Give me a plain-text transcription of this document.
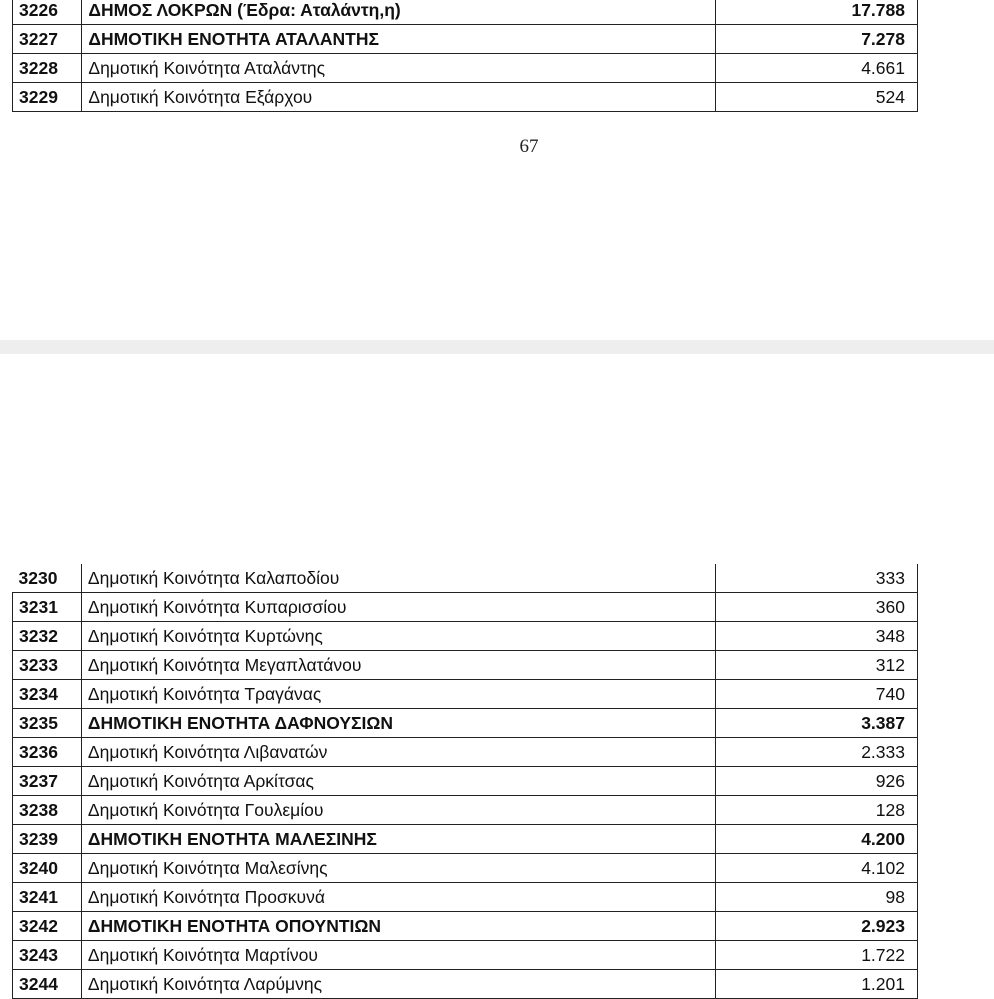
3226	ΔΗΜΟΣ ΛΟΚΡΩΝ (Έδρα: Αταλάντη,η)	17.788
3227	ΔΗΜΟΤΙΚΗ ΕΝΟΤΗΤΑ ΑΤΑΛΑΝΤΗΣ	7.278
3228	Δημοτική Κοινότητα Αταλάντης	4.661
3229	Δημοτική Κοινότητα Εξάρχου	524
67
3230	Δημοτική Κοινότητα Καλαποδίου	333
3231	Δημοτική Κοινότητα Κυπαρισσίου	360
3232	Δημοτική Κοινότητα Κυρτώνης	348
3233	Δημοτική Κοινότητα Μεγαπλατάνου	312
3234	Δημοτική Κοινότητα Τραγάνας	740
3235	ΔΗΜΟΤΙΚΗ ΕΝΟΤΗΤΑ ΔΑΦΝΟΥΣΙΩΝ	3.387
3236	Δημοτική Κοινότητα Λιβανατών	2.333
3237	Δημοτική Κοινότητα Αρκίτσας	926
3238	Δημοτική Κοινότητα Γουλεμίου	128
3239	ΔΗΜΟΤΙΚΗ ΕΝΟΤΗΤΑ ΜΑΛΕΣΙΝΗΣ	4.200
3240	Δημοτική Κοινότητα Μαλεσίνης	4.102
3241	Δημοτική Κοινότητα Προσκυνά	98
3242	ΔΗΜΟΤΙΚΗ ΕΝΟΤΗΤΑ ΟΠΟΥΝΤΙΩΝ	2.923
3243	Δημοτική Κοινότητα Μαρτίνου	1.722
3244	Δημοτική Κοινότητα Λαρύμνης	1.201
